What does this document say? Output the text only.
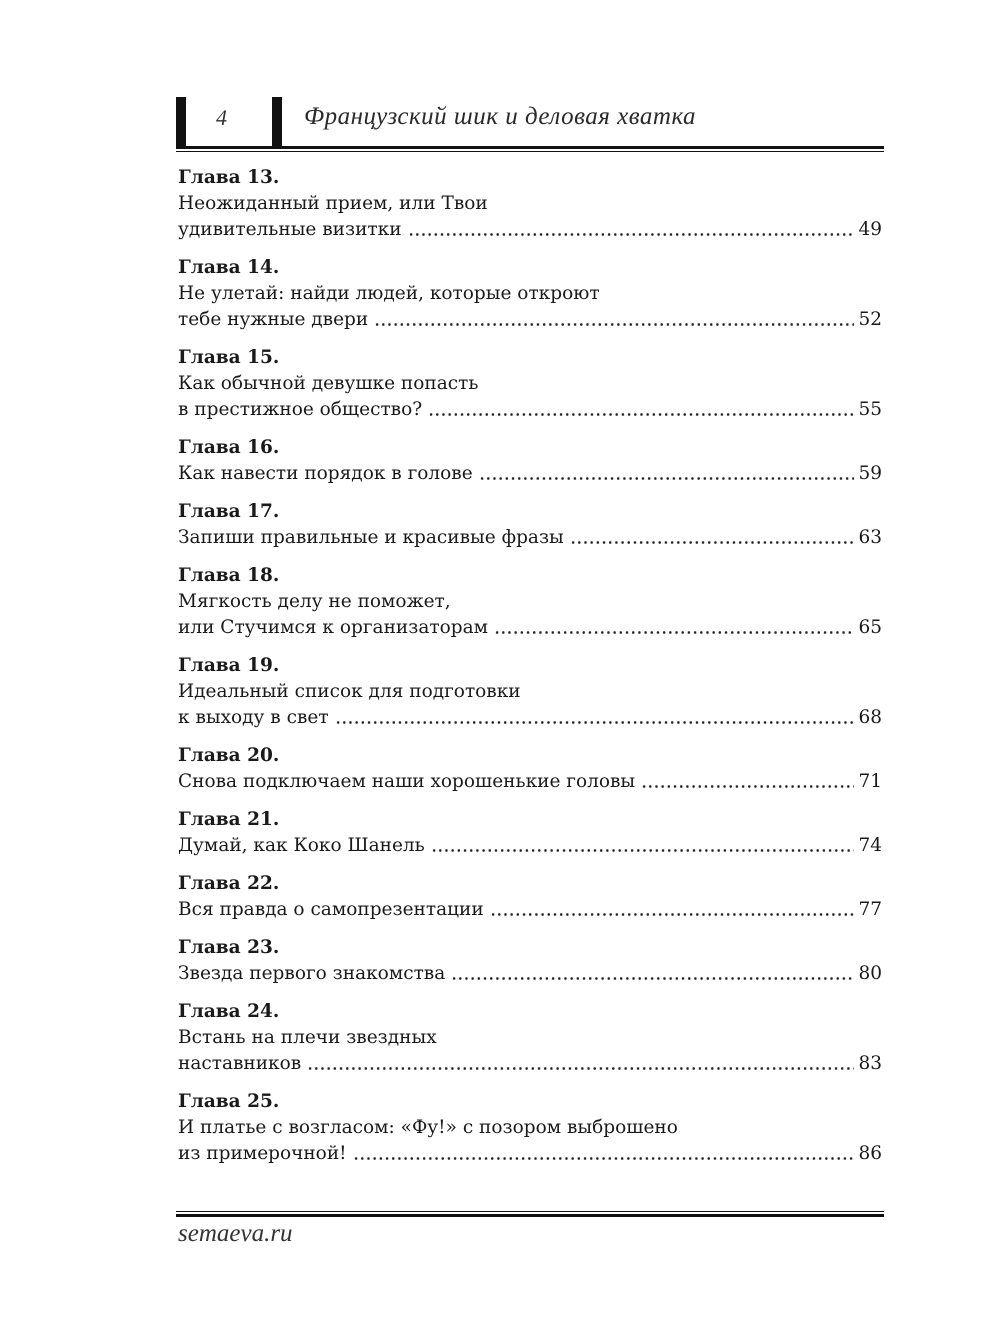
4	Французский шик и деловая хватка
Глава 13.
Неожиданный прием, или Твои
удивительные визитки	49
Глава 14.
Не улетай: найди людей, которые откроют
тебе нужные двери	52
Глава 15.
Как обычной девушке попасть
в престижное общество?	55
Глава 16.
Как навести порядок в голове	59
Глава 17.
Запиши правильные и красивые фразы	63
Глава 18.
Мягкость делу не поможет,
или Стучимся к организаторам	65
Глава 19.
Идеальный список для подготовки
к выходу в свет	68
Глава 20.
Снова подключаем наши хорошенькие головы	71
Глава 21.
Думай, как Коко Шанель	74
Глава 22.
Вся правда о самопрезентации	77
Глава 23.
Звезда первого знакомства	80
Глава 24.
Встань на плечи звездных
наставников	83
Глава 25.
И платье с возгласом: «Фу!» с позором выброшено
из примерочной!	86
semaeva.ru
